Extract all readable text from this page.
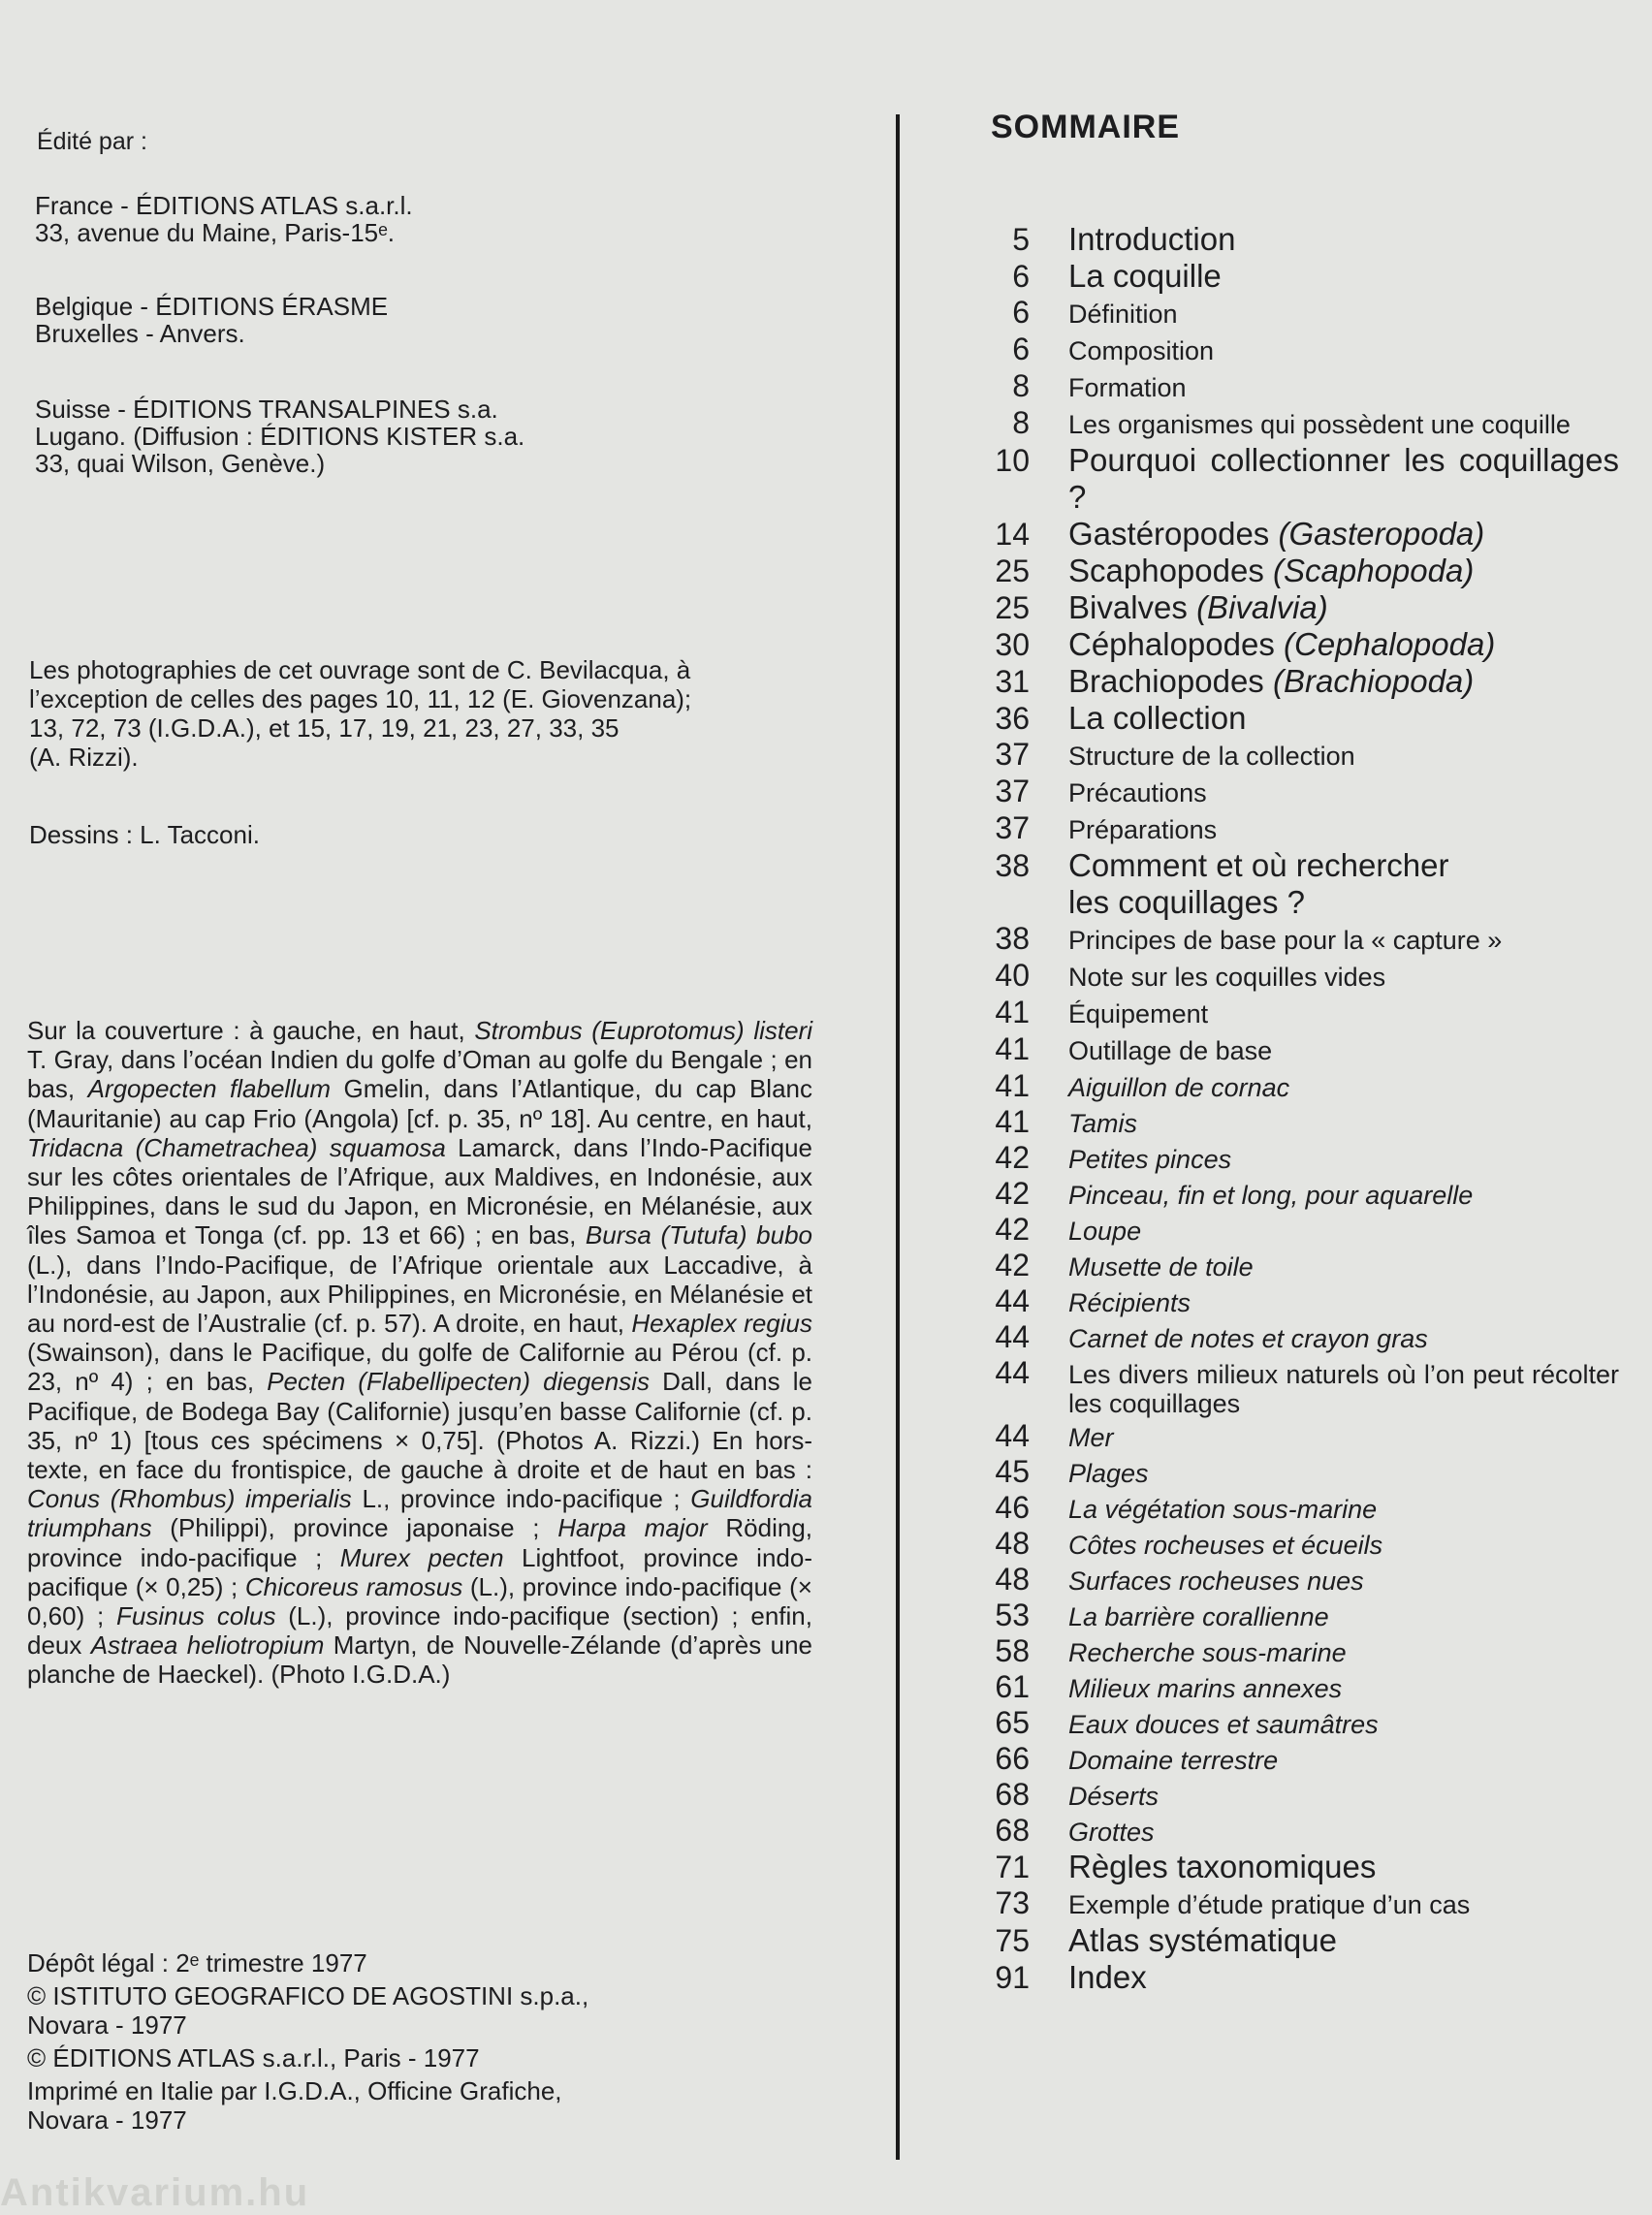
Édité par :
France - ÉDITIONS ATLAS s.a.r.l.
33, avenue du Maine, Paris-15ᵉ.
Belgique - ÉDITIONS ÉRASME
Bruxelles - Anvers.
Suisse - ÉDITIONS TRANSALPINES s.a.
Lugano. (Diffusion : ÉDITIONS KISTER s.a.
33, quai Wilson, Genève.)
Les photographies de cet ouvrage sont de C. Bevilacqua, à
l’exception de celles des pages 10, 11, 12 (E. Giovenzana);
13, 72, 73 (I.G.D.A.), et 15, 17, 19, 21, 23, 27, 33, 35
(A. Rizzi).
Dessins : L. Tacconi.

Sur la couverture : à gauche, en haut, Strombus (Euprotomus) listeri T. Gray, dans l’océan Indien du golfe d’Oman au golfe du Bengale ; en bas, Argopecten flabellum Gmelin, dans l’Atlantique, du cap Blanc (Mauritanie) au cap Frio (Angola) [cf. p. 35, nº 18]. Au centre, en haut, Tridacna (Chametrachea) squamosa Lamarck, dans l’Indo-Pacifique sur les côtes orientales de l’Afrique, aux Maldives, en Indonésie, aux Philippines, dans le sud du Japon, en Micronésie, en Mélanésie, aux îles Samoa et Tonga (cf. pp. 13 et 66) ; en bas, Bursa (Tutufa) bubo (L.), dans l’Indo-Pacifique, de l’Afrique orientale aux Laccadive, à l’Indonésie, au Japon, aux Philippines, en Micronésie, en Mélanésie et au nord-est de l’Australie (cf. p. 57). A droite, en haut, Hexaplex regius (Swainson), dans le Pacifique, du golfe de Californie au Pérou (cf. p. 23, nº 4) ; en bas, Pecten (Flabellipecten) diegensis Dall, dans le Pacifique, de Bodega Bay (Californie) jusqu’en basse Californie (cf. p. 35, nº 1) [tous ces spécimens × 0,75]. (Photos A. Rizzi.) En hors-texte, en face du frontispice, de gauche à droite et de haut en bas : Conus (Rhombus) imperialis L., province indo-pacifique ; Guildfordia triumphans (Philippi), province japonaise ; Harpa major Röding, province indo-pacifique ; Murex pecten Lightfoot, province indo-pacifique (× 0,25) ; Chicoreus ramosus (L.), province indo-pacifique (× 0,60) ; Fusinus colus (L.), province indo-pacifique (section) ; enfin, deux Astraea heliotropium Martyn, de Nouvelle-Zélande (d’après une planche de Haeckel). (Photo I.G.D.A.)

Dépôt légal : 2ᵉ trimestre 1977
© ISTITUTO GEOGRAFICO DE AGOSTINI s.p.a.,
Novara - 1977
© ÉDITIONS ATLAS s.a.r.l., Paris - 1977
Imprimé en Italie par I.G.D.A., Officine Grafiche,
Novara - 1977
SOMMAIRE
5 Introduction
6 La coquille
6 Définition
6 Composition
8 Formation
8 Les organismes qui possèdent une coquille
10 Pourquoi collectionner les coquillages ?
14 Gastéropodes (Gasteropoda)
25 Scaphopodes (Scaphopoda)
25 Bivalves (Bivalvia)
30 Céphalopodes (Cephalopoda)
31 Brachiopodes (Brachiopoda)
36 La collection
37 Structure de la collection
37 Précautions
37 Préparations
38 Comment et où rechercher
les coquillages ?
38 Principes de base pour la « capture »
40 Note sur les coquilles vides
41 Équipement
41 Outillage de base
41 Aiguillon de cornac
41 Tamis
42 Petites pinces
42 Pinceau, fin et long, pour aquarelle
42 Loupe
42 Musette de toile
44 Récipients
44 Carnet de notes et crayon gras
44 Les divers milieux naturels où l’on peut récolter les coquillages
44 Mer
45 Plages
46 La végétation sous-marine
48 Côtes rocheuses et écueils
48 Surfaces rocheuses nues
53 La barrière corallienne
58 Recherche sous-marine
61 Milieux marins annexes
65 Eaux douces et saumâtres
66 Domaine terrestre
68 Déserts
68 Grottes
71 Règles taxonomiques
73 Exemple d’étude pratique d’un cas
75 Atlas systématique
91 Index
Antikvarium.hu
